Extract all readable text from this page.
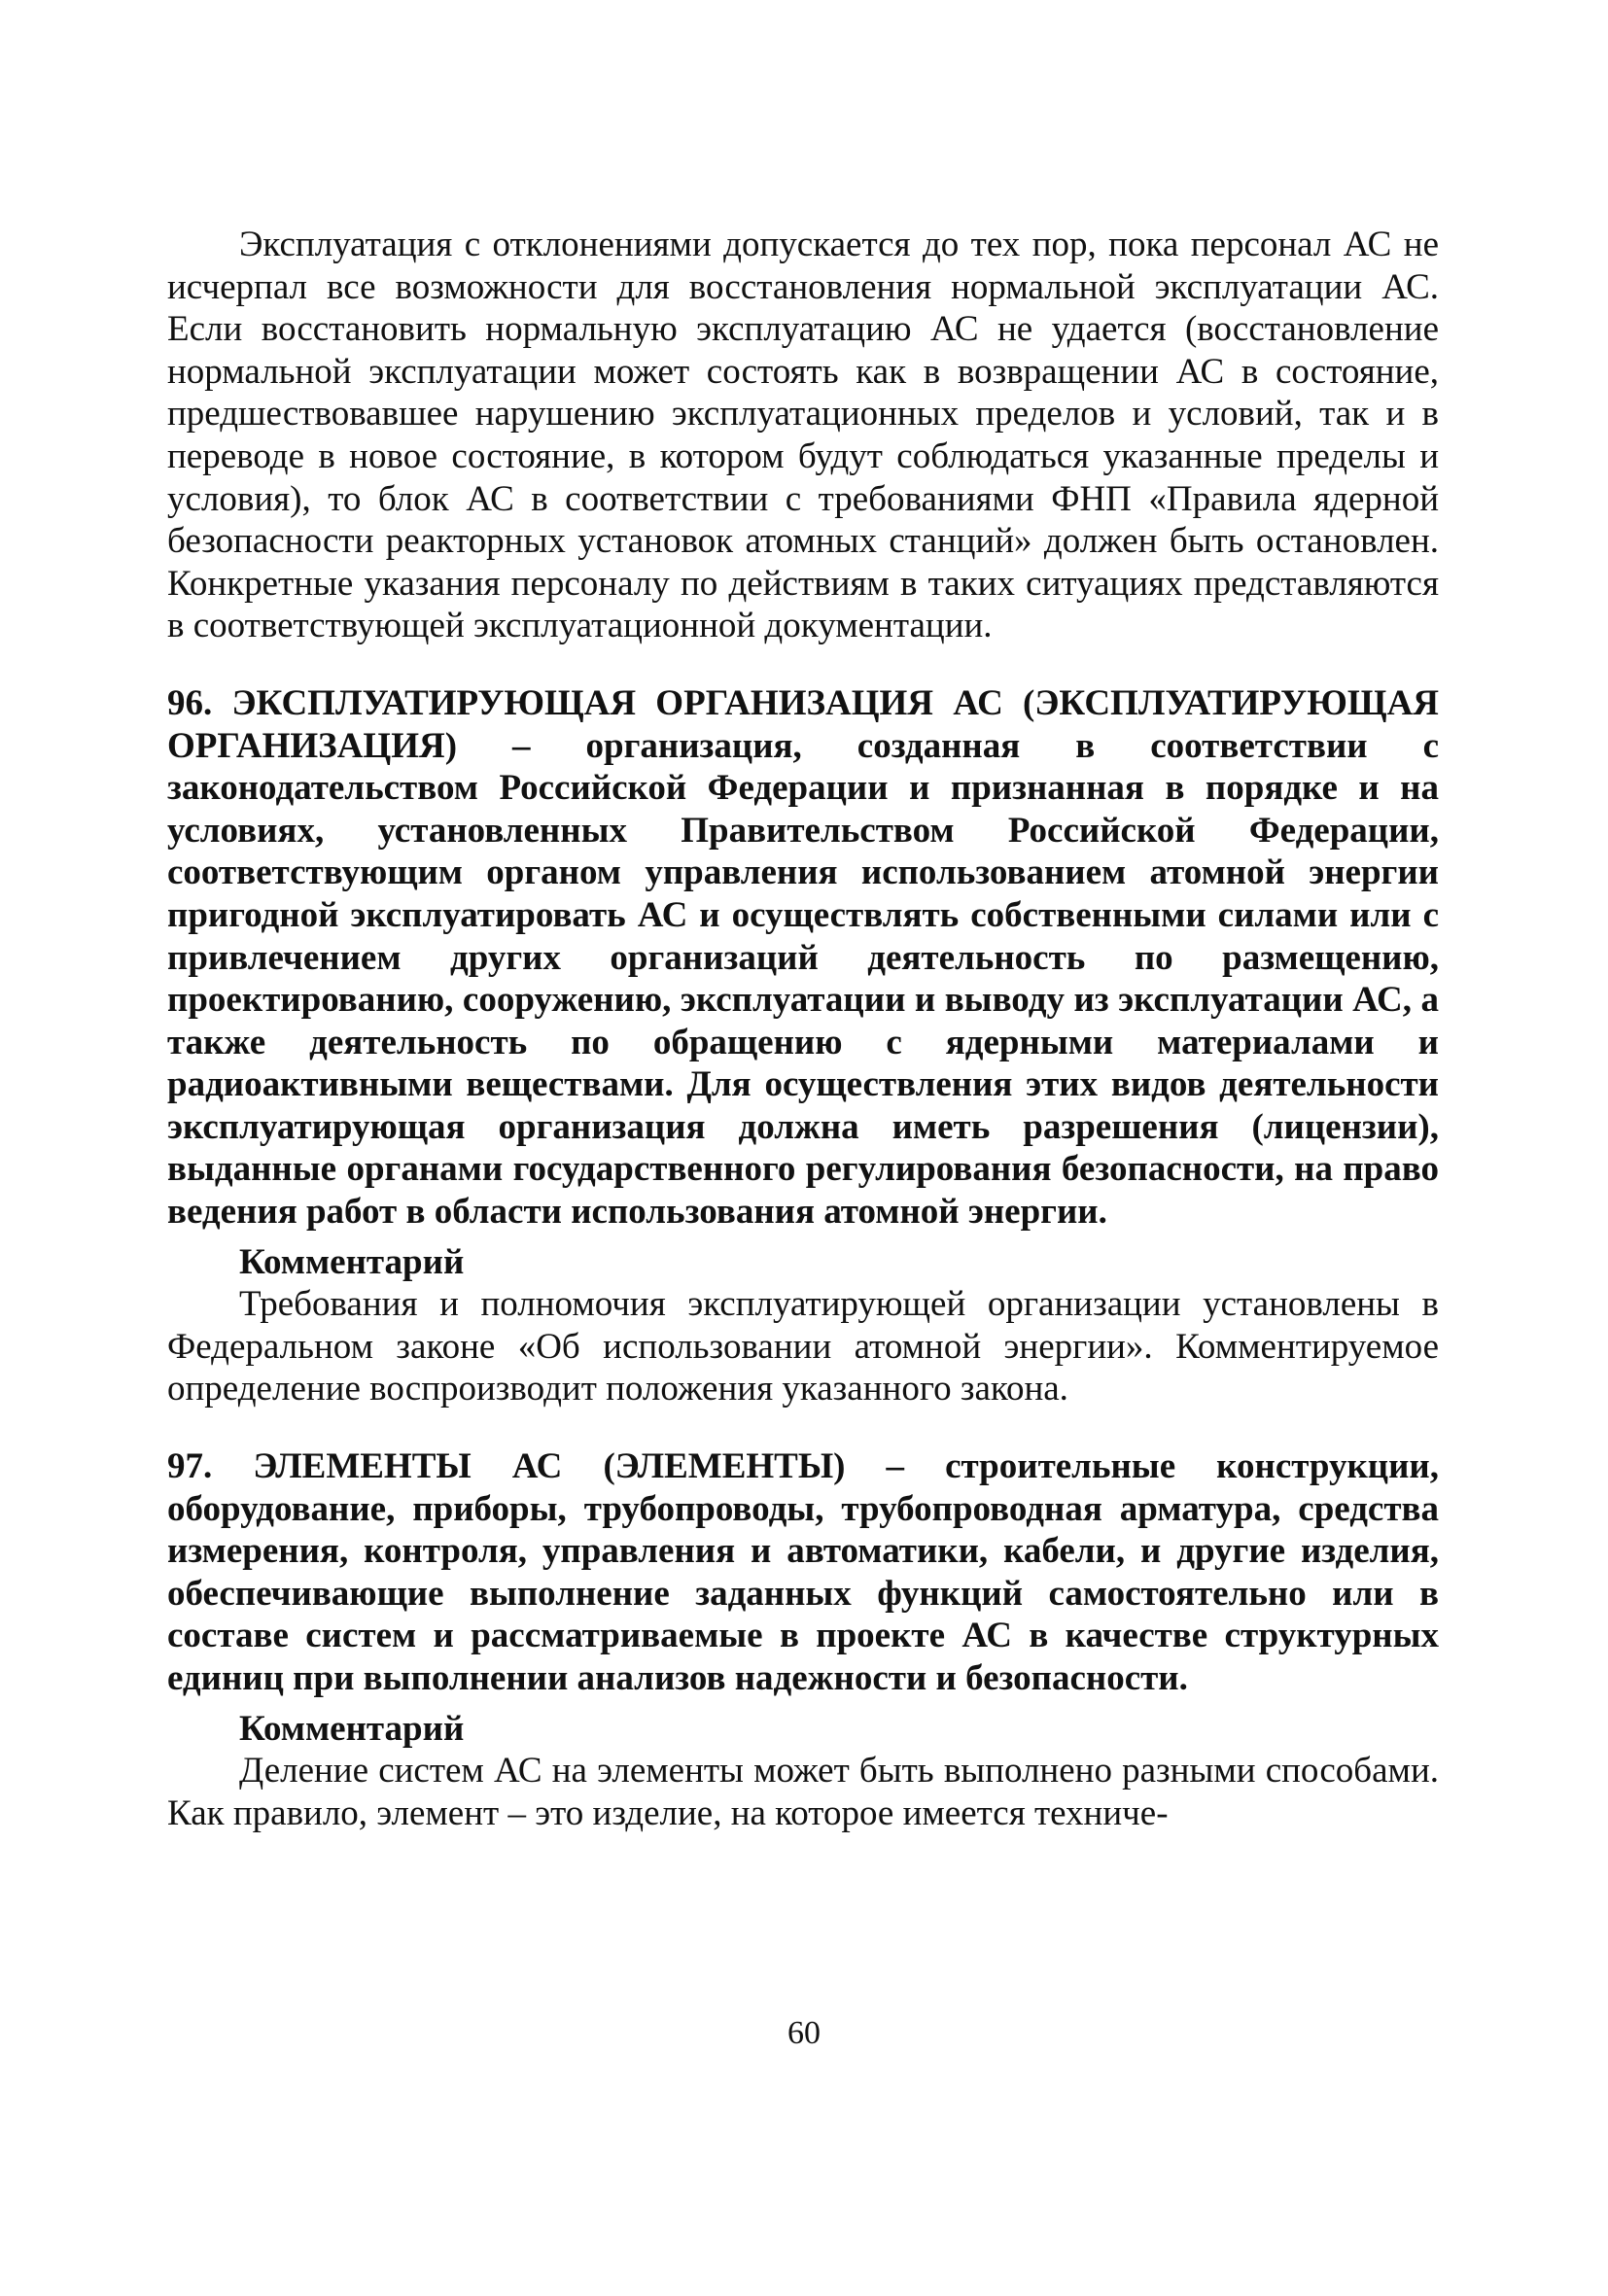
Эксплуатация с отклонениями допускается до тех пор, пока персонал АС не исчерпал все возможности для восстановления нормальной эксплуатации АС. Если восстановить нормальную эксплуатацию АС не удается (восстановление нормальной эксплуатации может состоять как в возвращении АС в состояние, предшествовавшее нарушению эксплуатационных пределов и условий, так и в переводе в новое состояние, в котором будут соблюдаться указанные пределы и условия), то блок АС в соответствии с требованиями ФНП «Правила ядерной безопасности реакторных установок атомных станций» должен быть остановлен. Конкретные указания персоналу по действиям в таких ситуациях представляются в соответствующей эксплуатационной документации.

96. ЭКСПЛУАТИРУЮЩАЯ ОРГАНИЗАЦИЯ АС (ЭКСПЛУАТИРУЮЩАЯ ОРГАНИЗАЦИЯ) – организация, созданная в соответствии с законодательством Российской Федерации и признанная в порядке и на условиях, установленных Правительством Российской Федерации, соответствующим органом управления использованием атомной энергии пригодной эксплуатировать АС и осуществлять собственными силами или с привлечением других организаций деятельность по размещению, проектированию, сооружению, эксплуатации и выводу из эксплуатации АС, а также деятельность по обращению с ядерными материалами и радиоактивными веществами. Для осуществления этих видов деятельности эксплуатирующая организация должна иметь разрешения (лицензии), выданные органами государственного регулирования безопасности, на право ведения работ в области использования атомной энергии.

Комментарий

Требования и полномочия эксплуатирующей организации установлены в Федеральном законе «Об использовании атомной энергии». Комментируемое определение воспроизводит положения указанного закона.

97. ЭЛЕМЕНТЫ АС (ЭЛЕМЕНТЫ) – строительные конструкции, оборудование, приборы, трубопроводы, трубопроводная арматура, средства измерения, контроля, управления и автоматики, кабели, и другие изделия, обеспечивающие выполнение заданных функций самостоятельно или в составе систем и рассматриваемые в проекте АС в качестве структурных единиц при выполнении анализов надежности и безопасности.

Комментарий

Деление систем АС на элементы может быть выполнено разными способами. Как правило, элемент – это изделие, на которое имеется техниче-

60
